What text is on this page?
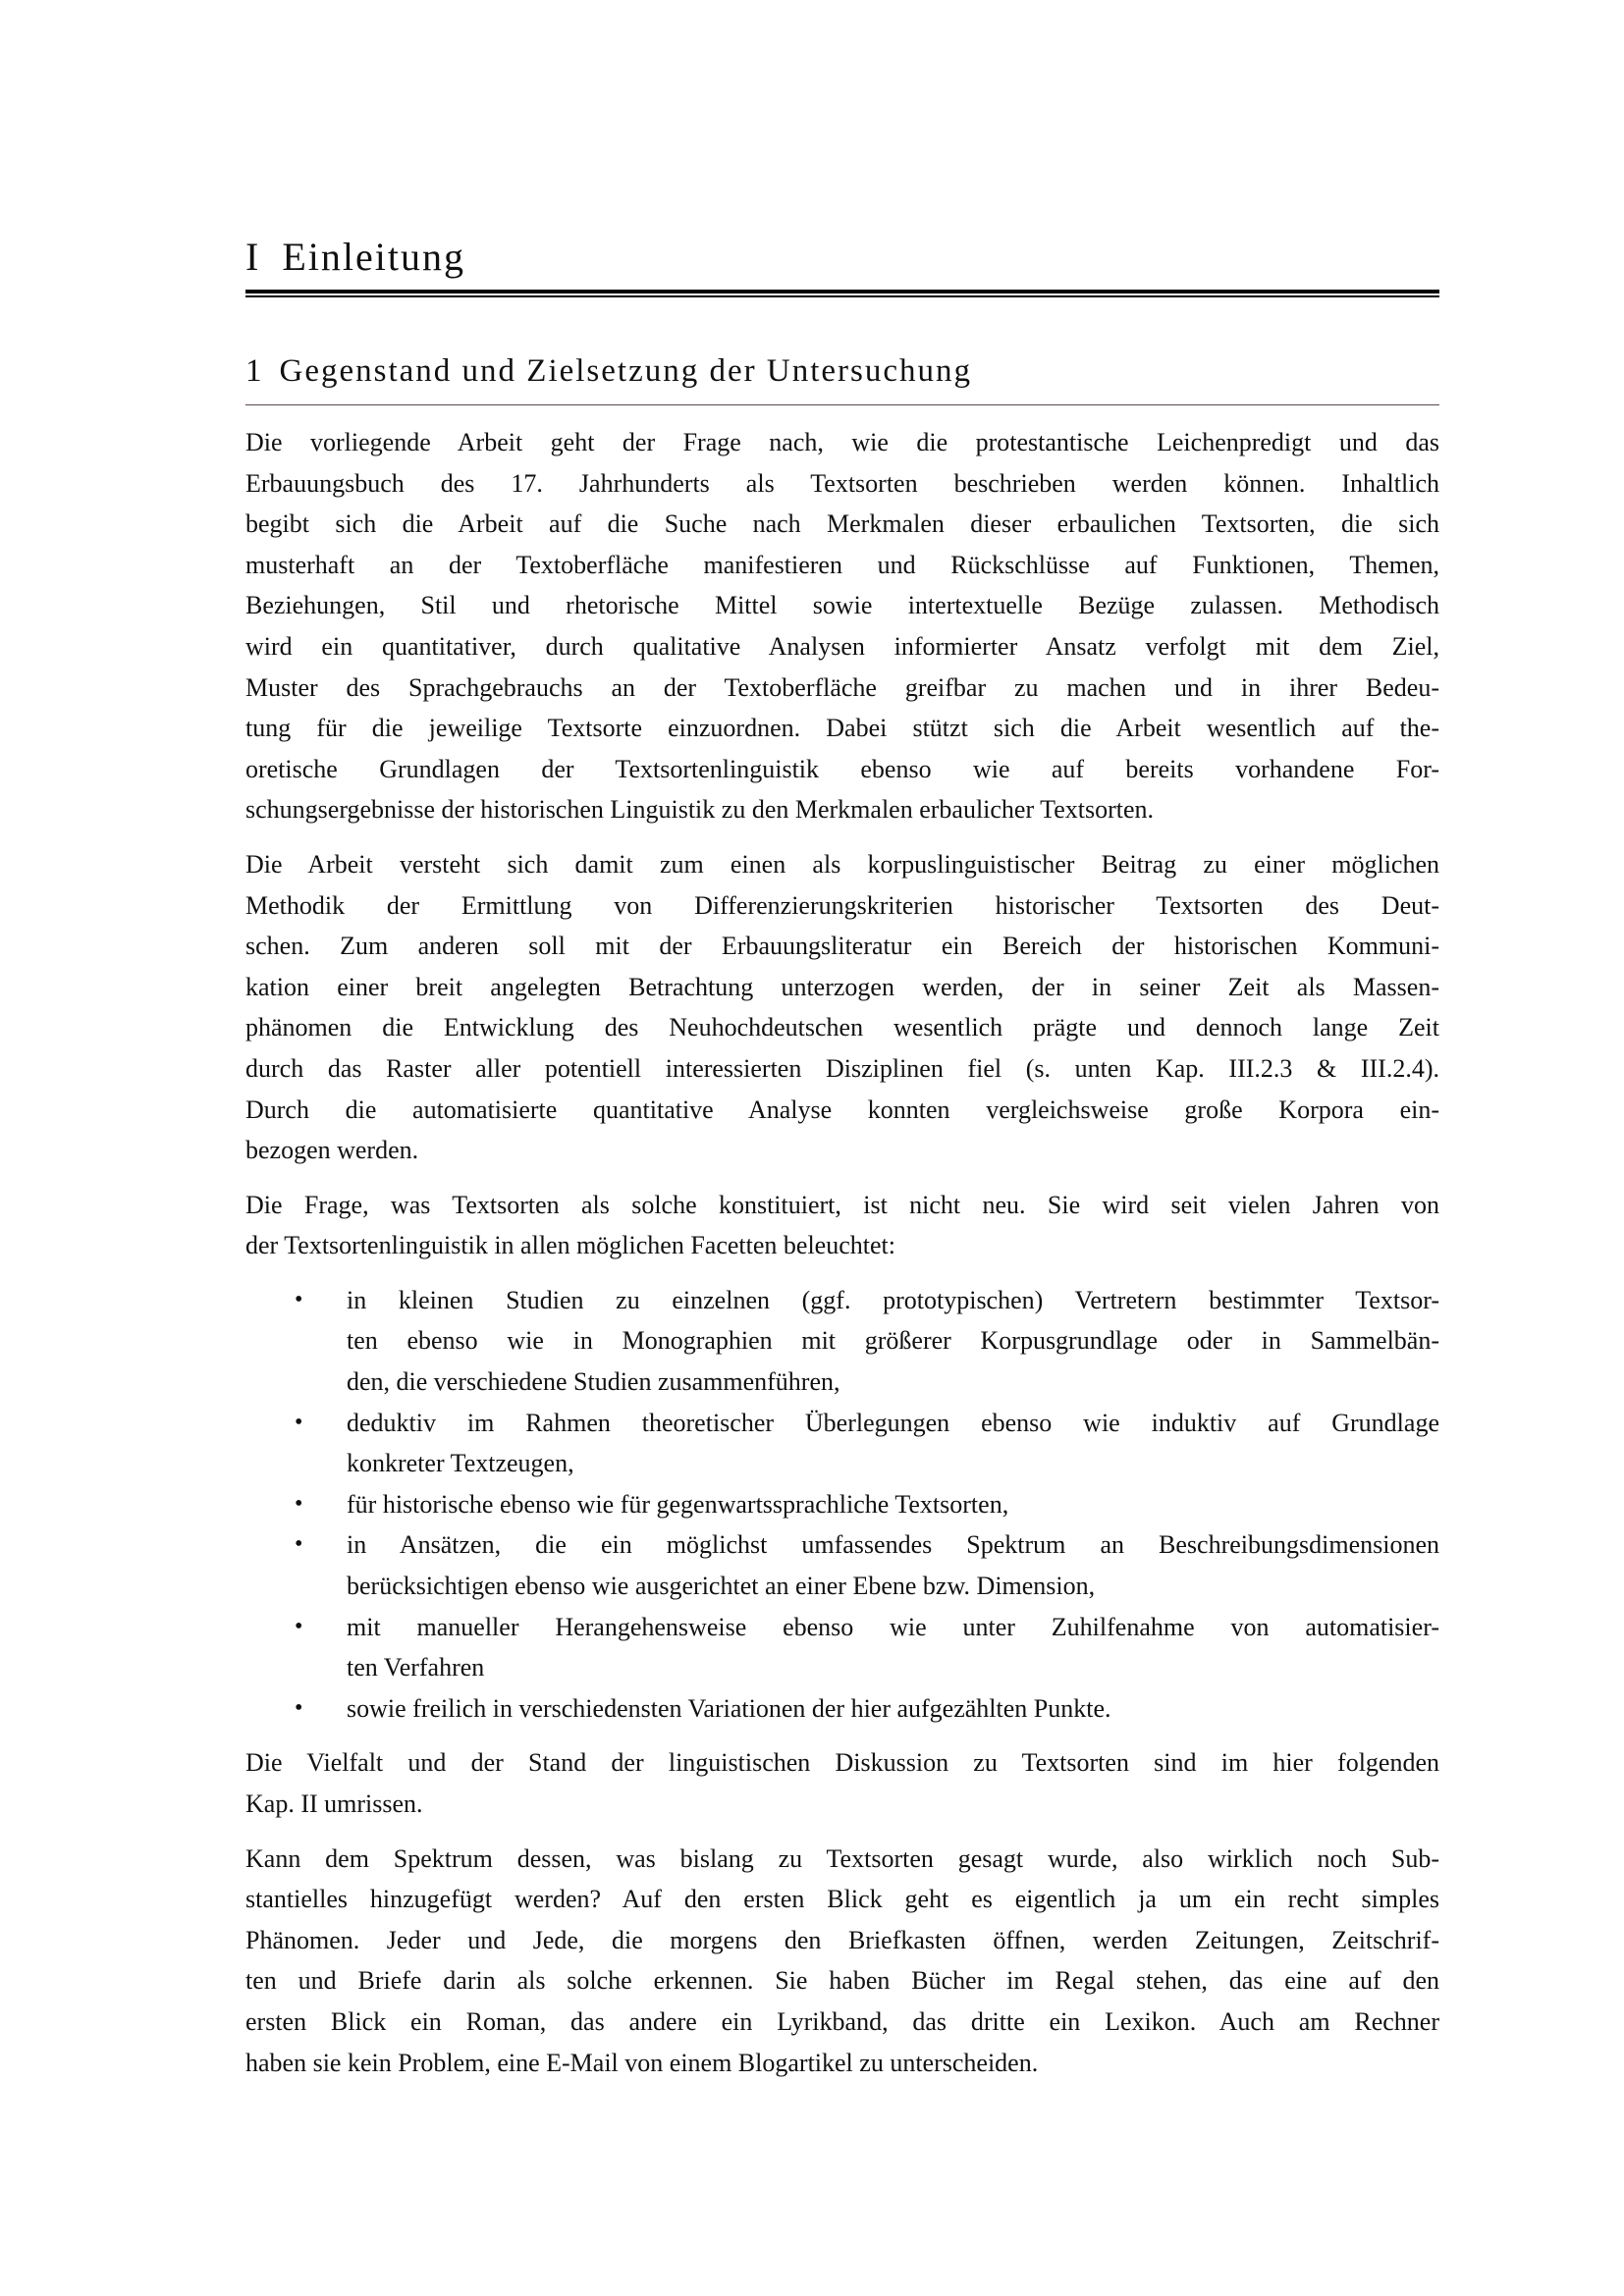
I Einleitung
1 Gegenstand und Zielsetzung der Untersuchung
Die vorliegende Arbeit geht der Frage nach, wie die protestantische Leichenpredigt und das
Erbauungsbuch des 17. Jahrhunderts als Textsorten beschrieben werden können. Inhaltlich
begibt sich die Arbeit auf die Suche nach Merkmalen dieser erbaulichen Textsorten, die sich
musterhaft an der Textoberfläche manifestieren und Rückschlüsse auf Funktionen, Themen,
Beziehungen, Stil und rhetorische Mittel sowie intertextuelle Bezüge zulassen. Methodisch
wird ein quantitativer, durch qualitative Analysen informierter Ansatz verfolgt mit dem Ziel,
Muster des Sprachgebrauchs an der Textoberfläche greifbar zu machen und in ihrer Bedeu-
tung für die jeweilige Textsorte einzuordnen. Dabei stützt sich die Arbeit wesentlich auf the-
oretische Grundlagen der Textsortenlinguistik ebenso wie auf bereits vorhandene For-
schungsergebnisse der historischen Linguistik zu den Merkmalen erbaulicher Textsorten.
Die Arbeit versteht sich damit zum einen als korpuslinguistischer Beitrag zu einer möglichen
Methodik der Ermittlung von Differenzierungskriterien historischer Textsorten des Deut-
schen. Zum anderen soll mit der Erbauungsliteratur ein Bereich der historischen Kommuni-
kation einer breit angelegten Betrachtung unterzogen werden, der in seiner Zeit als Massen-
phänomen die Entwicklung des Neuhochdeutschen wesentlich prägte und dennoch lange Zeit
durch das Raster aller potentiell interessierten Disziplinen fiel (s. unten Kap. III.2.3 & III.2.4).
Durch die automatisierte quantitative Analyse konnten vergleichsweise große Korpora ein-
bezogen werden.
Die Frage, was Textsorten als solche konstituiert, ist nicht neu. Sie wird seit vielen Jahren von
der Textsortenlinguistik in allen möglichen Facetten beleuchtet:
• in kleinen Studien zu einzelnen (ggf. prototypischen) Vertretern bestimmter Textsor-
ten ebenso wie in Monographien mit größerer Korpusgrundlage oder in Sammelbän-
den, die verschiedene Studien zusammenführen,
• deduktiv im Rahmen theoretischer Überlegungen ebenso wie induktiv auf Grundlage
konkreter Textzeugen,
• für historische ebenso wie für gegenwartssprachliche Textsorten,
• in Ansätzen, die ein möglichst umfassendes Spektrum an Beschreibungsdimensionen
berücksichtigen ebenso wie ausgerichtet an einer Ebene bzw. Dimension,
• mit manueller Herangehensweise ebenso wie unter Zuhilfenahme von automatisier-
ten Verfahren
• sowie freilich in verschiedensten Variationen der hier aufgezählten Punkte.
Die Vielfalt und der Stand der linguistischen Diskussion zu Textsorten sind im hier folgenden
Kap. II umrissen.
Kann dem Spektrum dessen, was bislang zu Textsorten gesagt wurde, also wirklich noch Sub-
stantielles hinzugefügt werden? Auf den ersten Blick geht es eigentlich ja um ein recht simples
Phänomen. Jeder und Jede, die morgens den Briefkasten öffnen, werden Zeitungen, Zeitschrif-
ten und Briefe darin als solche erkennen. Sie haben Bücher im Regal stehen, das eine auf den
ersten Blick ein Roman, das andere ein Lyrikband, das dritte ein Lexikon. Auch am Rechner
haben sie kein Problem, eine E-Mail von einem Blogartikel zu unterscheiden.
